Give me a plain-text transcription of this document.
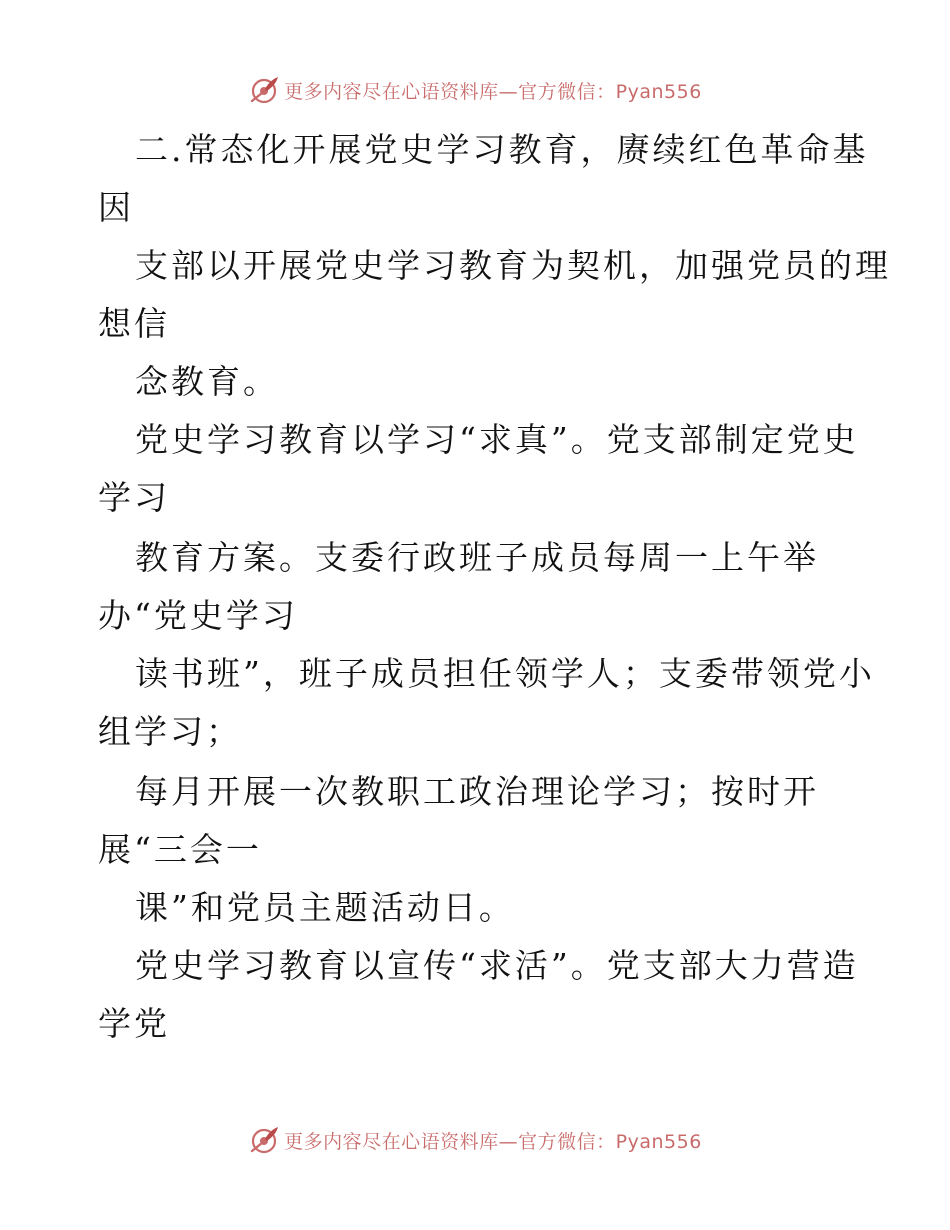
更多内容尽在心语资料库—官方微信：Pyan556
二.常态化开展党史学习教育，赓续红色革命基
因
支部以开展党史学习教育为契机，加强党员的理
想信
念教育。
党史学习教育以学习“求真”。党支部制定党史
学习
教育方案。支委行政班子成员每周一上午举
办“党史学习
读书班”，班子成员担任领学人；支委带领党小
组学习；
每月开展一次教职工政治理论学习；按时开
展“三会一
课”和党员主题活动日。
党史学习教育以宣传“求活”。党支部大力营造
学党
更多内容尽在心语资料库—官方微信：Pyan556
